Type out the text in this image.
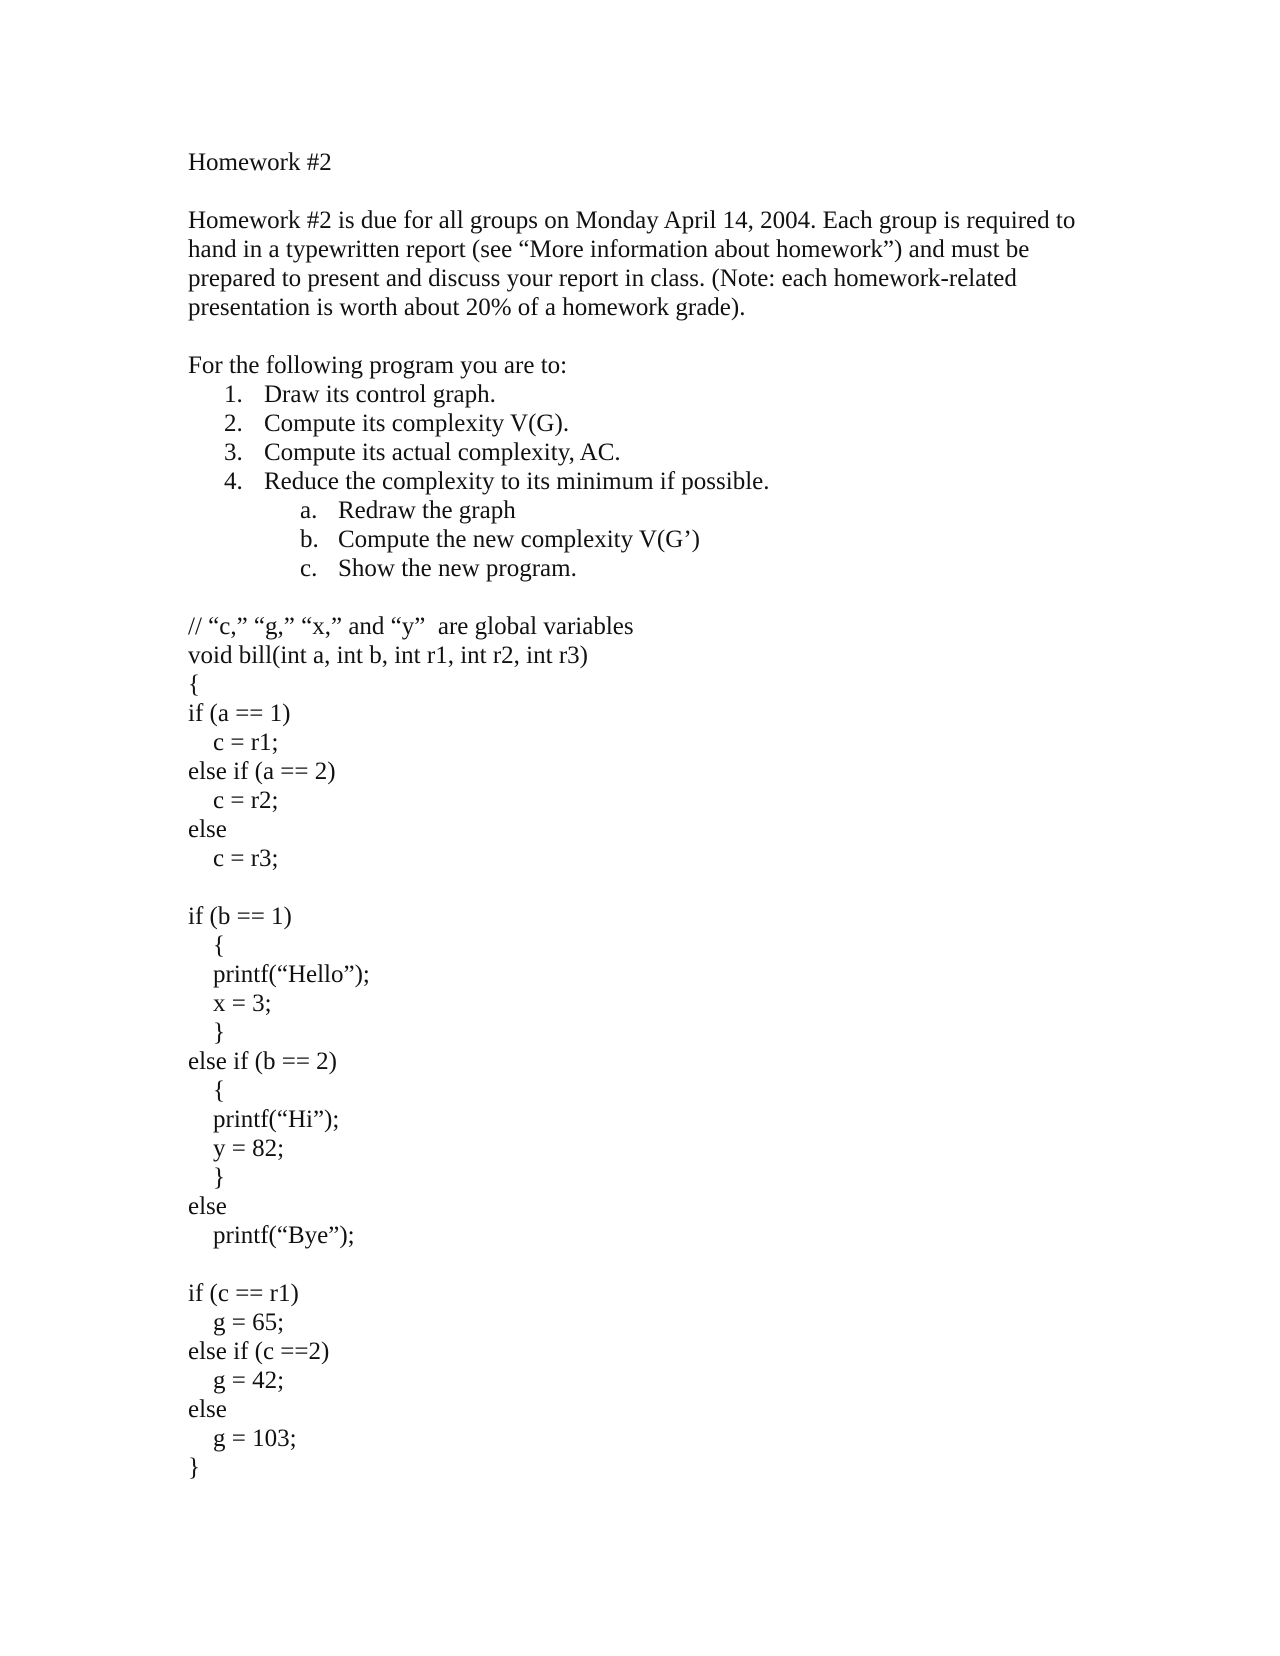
Homework #2
Homework #2 is due for all groups on Monday April 14, 2004. Each group is required to
hand in a typewritten report (see “More information about homework”) and must be
prepared to present and discuss your report in class. (Note: each homework-related
presentation is worth about 20% of a homework grade).
For the following program you are to:
1. Draw its control graph.
2. Compute its complexity V(G).
3. Compute its actual complexity, AC.
4. Reduce the complexity to its minimum if possible.
a. Redraw the graph
b. Compute the new complexity V(G’)
c. Show the new program.
// “c,” “g,” “x,” and “y”  are global variables
void bill(int a, int b, int r1, int r2, int r3)
{
if (a == 1)
c = r1;
else if (a == 2)
c = r2;
else
c = r3;
if (b == 1)
{
printf(“Hello”);
x = 3;
}
else if (b == 2)
{
printf(“Hi”);
y = 82;
}
else
printf(“Bye”);
if (c == r1)
g = 65;
else if (c ==2)
g = 42;
else
g = 103;
}
